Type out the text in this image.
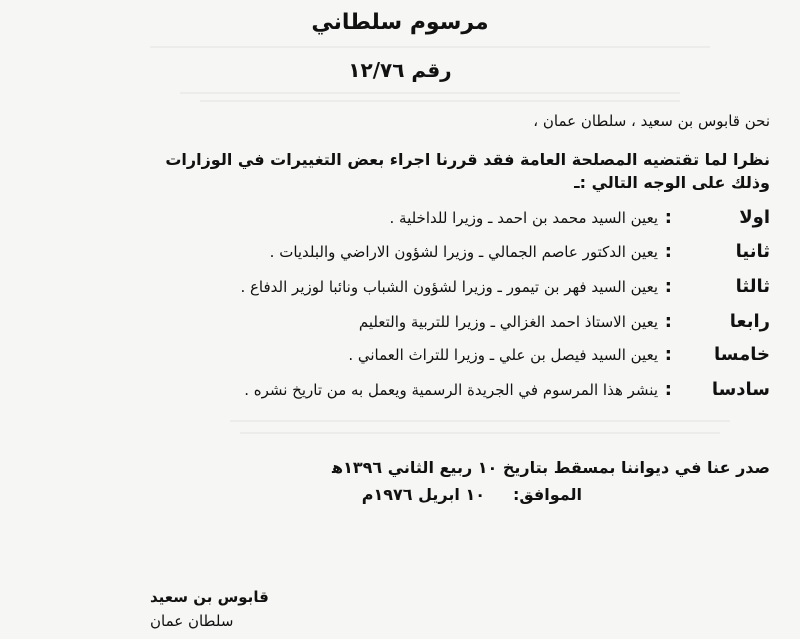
مرسوم سلطاني
رقم ١٢/٧٦
نحن قابوس بن سعيد ، سلطان عمان ،
نظرا لما تقتضيه المصلحة العامة فقد قررنا اجراء بعض التغييرات في الوزارات وذلك على الوجه التالي :ـ
اولا
:
يعين السيد محمد بن احمد ـ وزيرا للداخلية .
ثانيا
:
يعين الدكتور عاصم الجمالي ـ وزيرا لشؤون الاراضي والبلديات .
ثالثا
:
يعين السيد فهر بن تيمور ـ وزيرا لشؤون الشباب ونائبا لوزير الدفاع .
رابعا
:
يعين الاستاذ احمد الغزالي ـ وزيرا للتربية والتعليم
خامسا
:
يعين السيد فيصل بن علي ـ وزيرا للتراث العماني .
سادسا
:
ينشر هذا المرسوم في الجريدة الرسمية ويعمل به من تاريخ نشره .
صدر عنا في ديواننا بمسقط بتاريخ ١٠ ربيع الثاني ١٣٩٦ه‍
الموافق:١٠ ابريل ١٩٧٦م
قابوس بن سعيد
سلطان عمان
